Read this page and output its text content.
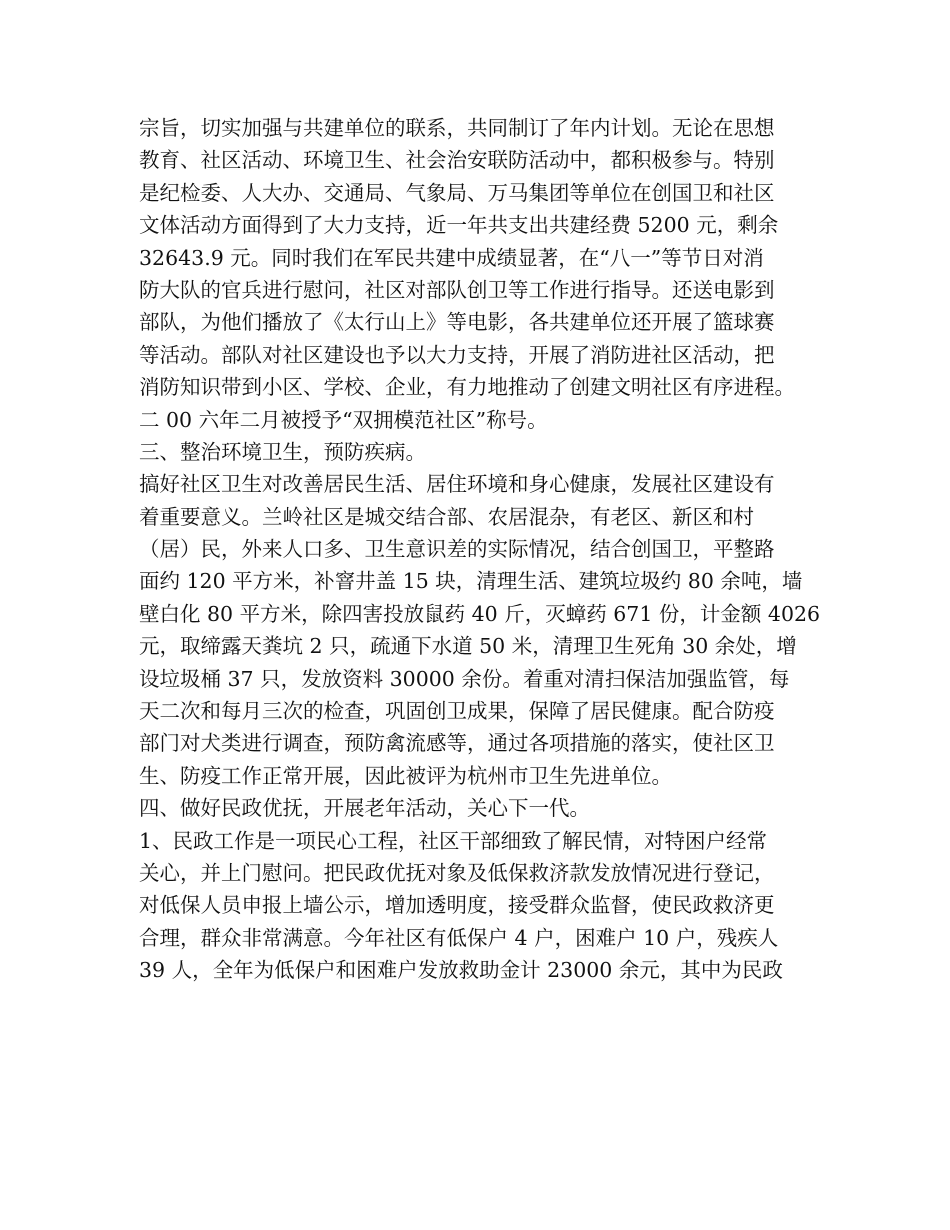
宗旨，切实加强与共建单位的联系，共同制订了年内计划。无论在思想
教育、社区活动、环境卫生、社会治安联防活动中，都积极参与。特别
是纪检委、人大办、交通局、气象局、万马集团等单位在创国卫和社区
文体活动方面得到了大力支持，近一年共支出共建经费 5200 元，剩余
32643.9 元。同时我们在军民共建中成绩显著，在“八一”等节日对消
防大队的官兵进行慰问，社区对部队创卫等工作进行指导。还送电影到
部队，为他们播放了《太行山上》等电影，各共建单位还开展了篮球赛
等活动。部队对社区建设也予以大力支持，开展了消防进社区活动，把
消防知识带到小区、学校、企业，有力地推动了创建文明社区有序进程。
二 00 六年二月被授予“双拥模范社区”称号。
三、整治环境卫生，预防疾病。
搞好社区卫生对改善居民生活、居住环境和身心健康，发展社区建设有
着重要意义。兰岭社区是城交结合部、农居混杂，有老区、新区和村
（居）民，外来人口多、卫生意识差的实际情况，结合创国卫，平整路
面约 120 平方米，补窨井盖 15 块，清理生活、建筑垃圾约 80 余吨，墙
壁白化 80 平方米，除四害投放鼠药 40 斤，灭蟑药 671 份，计金额 4026
元，取缔露天粪坑 2 只，疏通下水道 50 米，清理卫生死角 30 余处，增
设垃圾桶 37 只，发放资料 30000 余份。着重对清扫保洁加强监管，每
天二次和每月三次的检查，巩固创卫成果，保障了居民健康。配合防疫
部门对犬类进行调查，预防禽流感等，通过各项措施的落实，使社区卫
生、防疫工作正常开展，因此被评为杭州市卫生先进单位。
四、做好民政优抚，开展老年活动，关心下一代。
1、民政工作是一项民心工程，社区干部细致了解民情，对特困户经常
关心，并上门慰问。把民政优抚对象及低保救济款发放情况进行登记，
对低保人员申报上墙公示，增加透明度，接受群众监督，使民政救济更
合理，群众非常满意。今年社区有低保户 4 户，困难户 10 户，残疾人
39 人，全年为低保户和困难户发放救助金计 23000 余元，其中为民政
